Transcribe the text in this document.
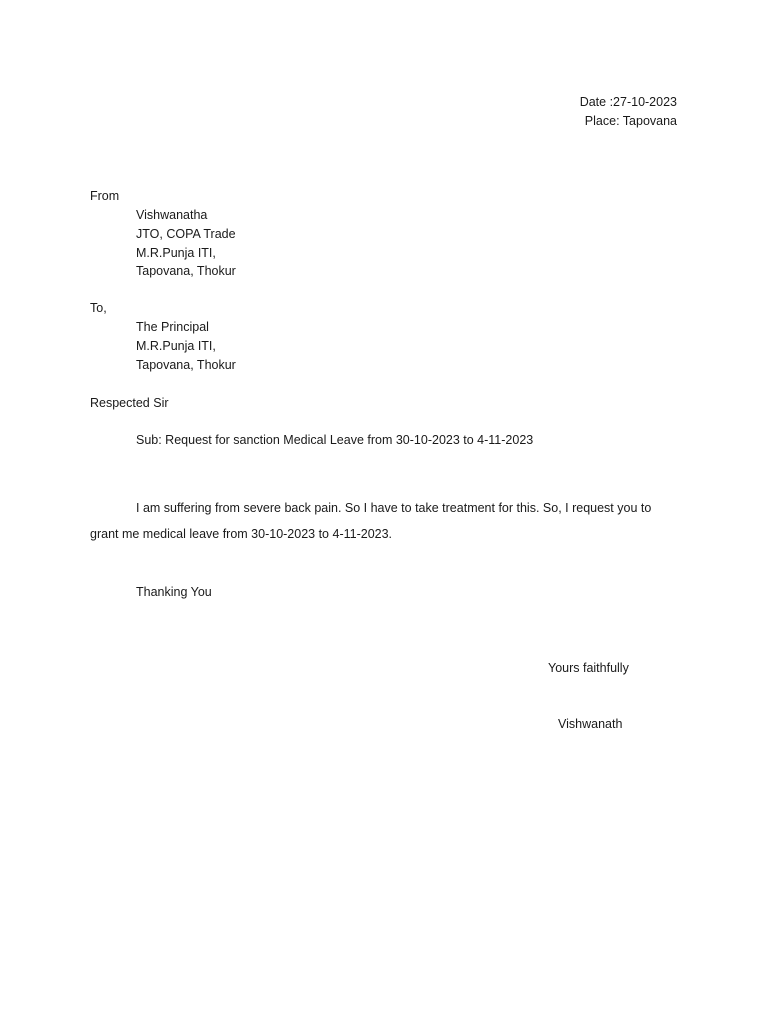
Date :27-10-2023
Place: Tapovana
From
Vishwanatha
JTO, COPA Trade
M.R.Punja ITI,
Tapovana, Thokur
To,
The Principal
M.R.Punja ITI,
Tapovana, Thokur
Respected Sir
Sub: Request for sanction Medical Leave from 30-10-2023 to 4-11-2023

I am suffering from severe back pain. So I have to take treatment for this. So, I request you to grant me medical leave from 30-10-2023 to 4-11-2023.

Thanking You
Yours faithfully
Vishwanath
